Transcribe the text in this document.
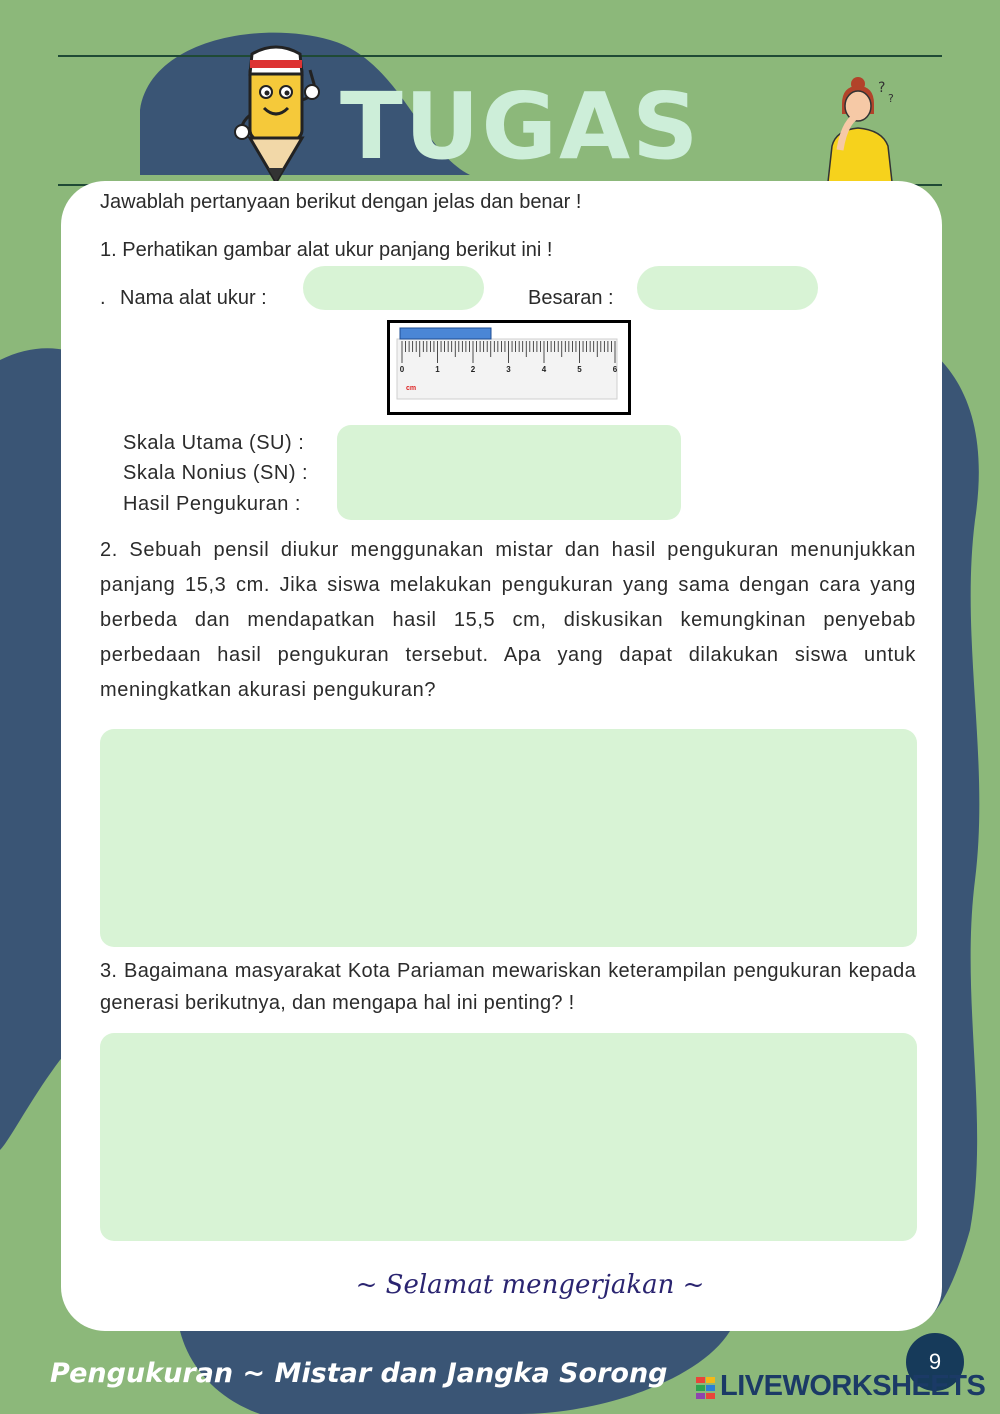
TUGAS	?
?
Jawablah pertanyaan berikut dengan jelas dan benar !
1. Perhatikan gambar alat ukur panjang berikut ini !
. Nama alat ukur :	Besaran :
0	1	2	3	4	5	6
cm
Skala Utama (SU) :
Skala Nonius (SN) :
Hasil Pengukuran :
2. Sebuah pensil diukur menggunakan mistar dan hasil pengukuran menunjukkan panjang 15,3 cm. Jika siswa melakukan pengukuran yang sama dengan cara yang berbeda dan mendapatkan hasil 15,5 cm, diskusikan kemungkinan penyebab perbedaan hasil pengukuran tersebut. Apa yang dapat dilakukan siswa untuk meningkatkan akurasi pengukuran?
3. Bagaimana masyarakat Kota Pariaman mewariskan keterampilan pengukuran kepada generasi berikutnya, dan mengapa hal ini penting? !
~ Selamat mengerjakan ~
Pengukuran ~ Mistar dan Jangka Sorong	9
LIVEWORKSHEETS
